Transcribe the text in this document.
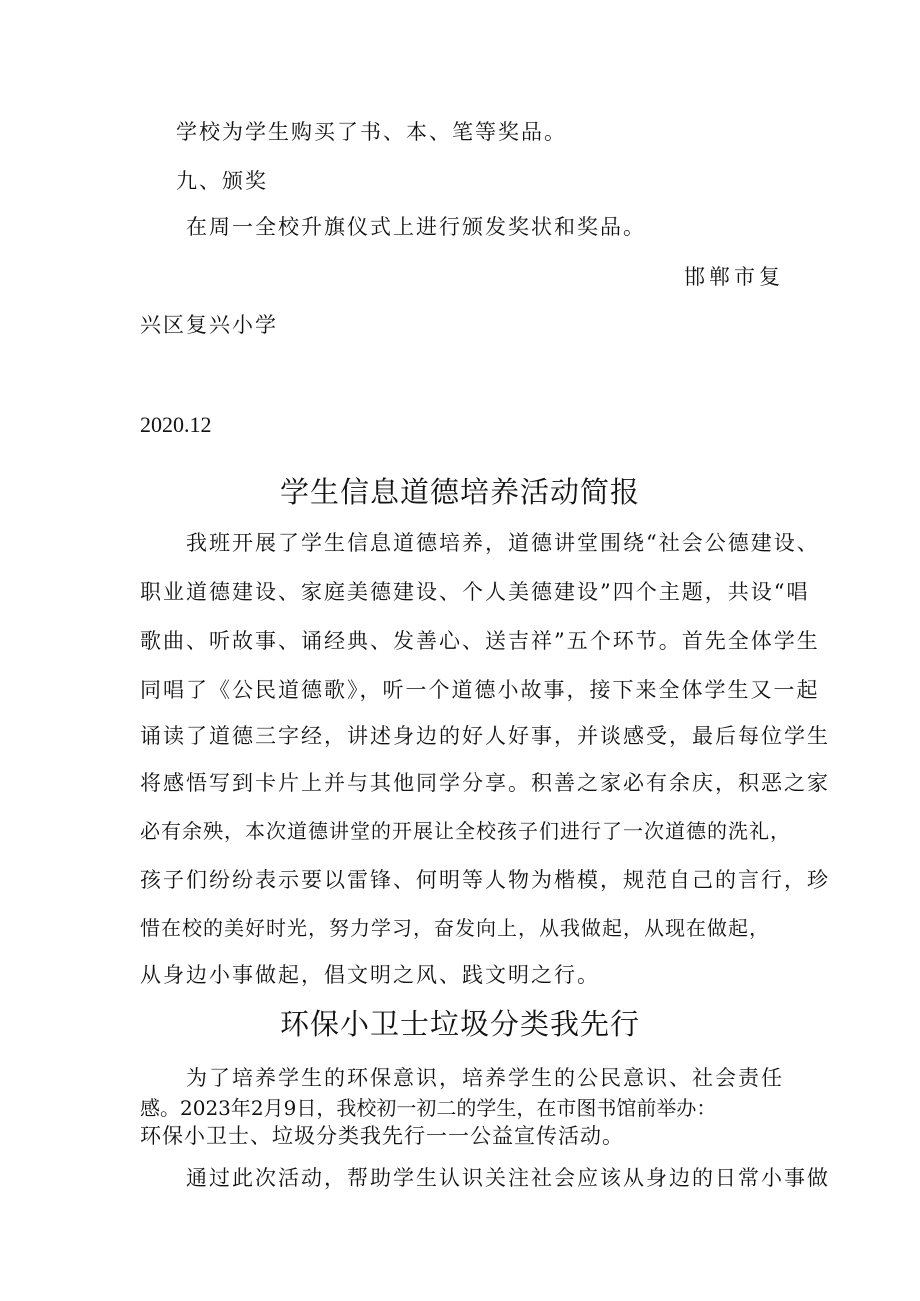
学校为学生购买了书、本、笔等奖品。
九、颁奖
在周一全校升旗仪式上进行颁发奖状和奖品。
邯郸市复
兴区复兴小学
2020.12
学生信息道德培养活动简报
我班开展了学生信息道德培养，道德讲堂围绕“社会公德建设、
职业道德建设、家庭美德建设、个人美德建设”四个主题，共设“唱
歌曲、听故事、诵经典、发善心、送吉祥”五个环节。首先全体学生
同唱了《公民道德歌》，听一个道德小故事，接下来全体学生又一起
诵读了道德三字经，讲述身边的好人好事，并谈感受，最后每位学生
将感悟写到卡片上并与其他同学分享。积善之家必有余庆，积恶之家
必有余殃，本次道德讲堂的开展让全校孩子们进行了一次道德的洗礼，
孩子们纷纷表示要以雷锋、何明等人物为楷模，规范自己的言行，珍
惜在校的美好时光，努力学习，奋发向上，从我做起，从现在做起，
从身边小事做起，倡文明之风、践文明之行。
环保小卫士垃圾分类我先行
为了培养学生的环保意识，培养学生的公民意识、社会责任
感。2023年2月9日，我校初一初二的学生，在市图书馆前举办：
环保小卫士、垃圾分类我先行一一公益宣传活动。
通过此次活动，帮助学生认识关注社会应该从身边的日常小事做
